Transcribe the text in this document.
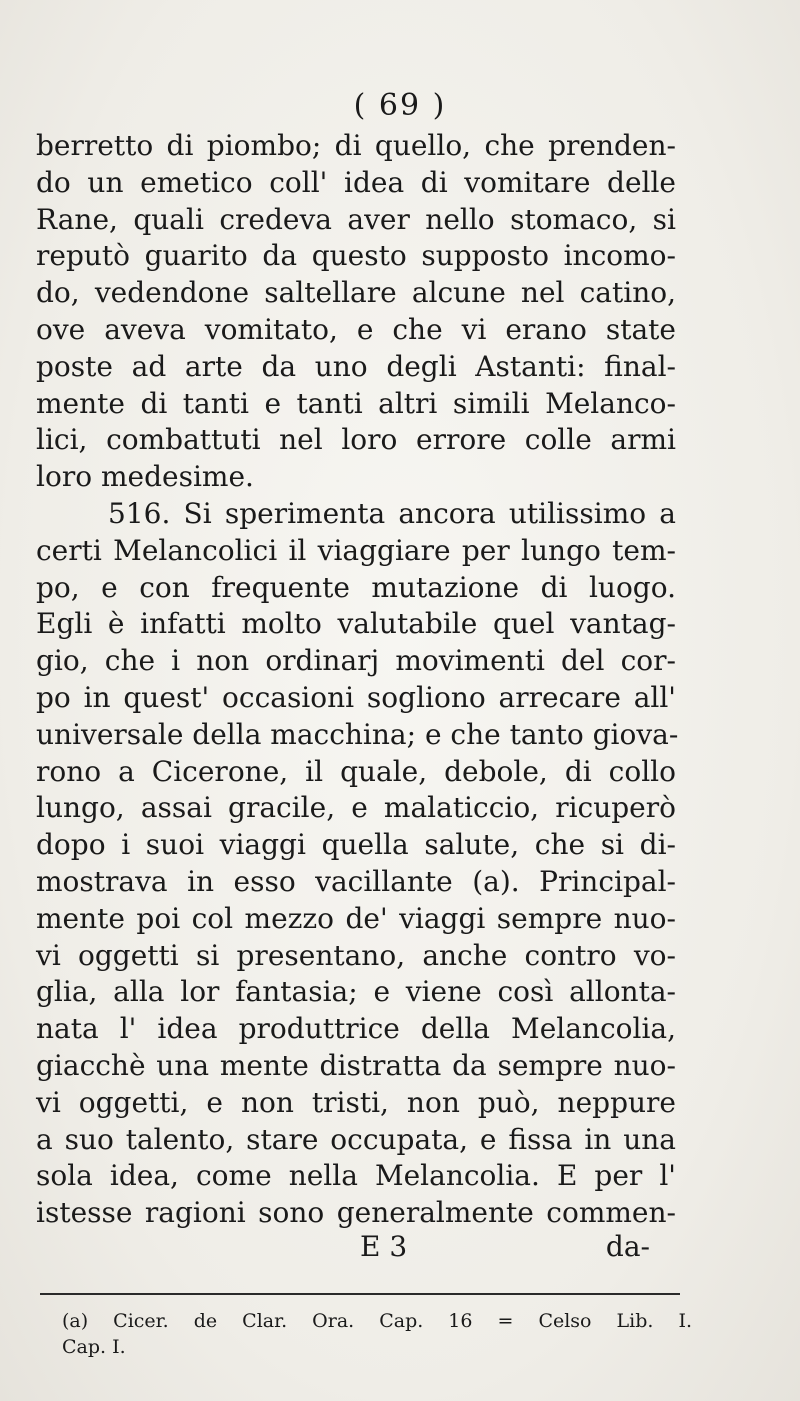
( 69 )
berretto di piombo; di quello, che prenden-
do un emetico coll' idea di vomitare delle
Rane, quali credeva aver nello stomaco, si
reputò guarito da questo supposto incomo-
do, vedendone saltellare alcune nel catino,
ove aveva vomitato, e che vi erano state
poste ad arte da uno degli Astanti: final-
mente di tanti e tanti altri simili Melanco-
lici, combattuti nel loro errore colle armi
loro medesime.
516. Si sperimenta ancora utilissimo a
certi Melancolici il viaggiare per lungo tem-
po, e con frequente mutazione di luogo.
Egli è infatti molto valutabile quel vantag-
gio, che i non ordinarj movimenti del cor-
po in quest' occasioni sogliono arrecare all'
universale della macchina; e che tanto giova-
rono a Cicerone, il quale, debole, di collo
lungo, assai gracile, e malaticcio, ricuperò
dopo i suoi viaggi quella salute, che si di-
mostrava in esso vacillante (a). Principal-
mente poi col mezzo de' viaggi sempre nuo-
vi oggetti si presentano, anche contro vo-
glia, alla lor fantasia; e viene così allonta-
nata l' idea produttrice della Melancolia,
giacchè una mente distratta da sempre nuo-
vi oggetti, e non tristi, non può, neppure
a suo talento, stare occupata, e fissa in una
sola idea, come nella Melancolia. E per l'
istesse ragioni sono generalmente commen-
E 3	da-
(a) Cicer. de Clar. Ora. Cap. 16 = Celso Lib. I.
Cap. I.
